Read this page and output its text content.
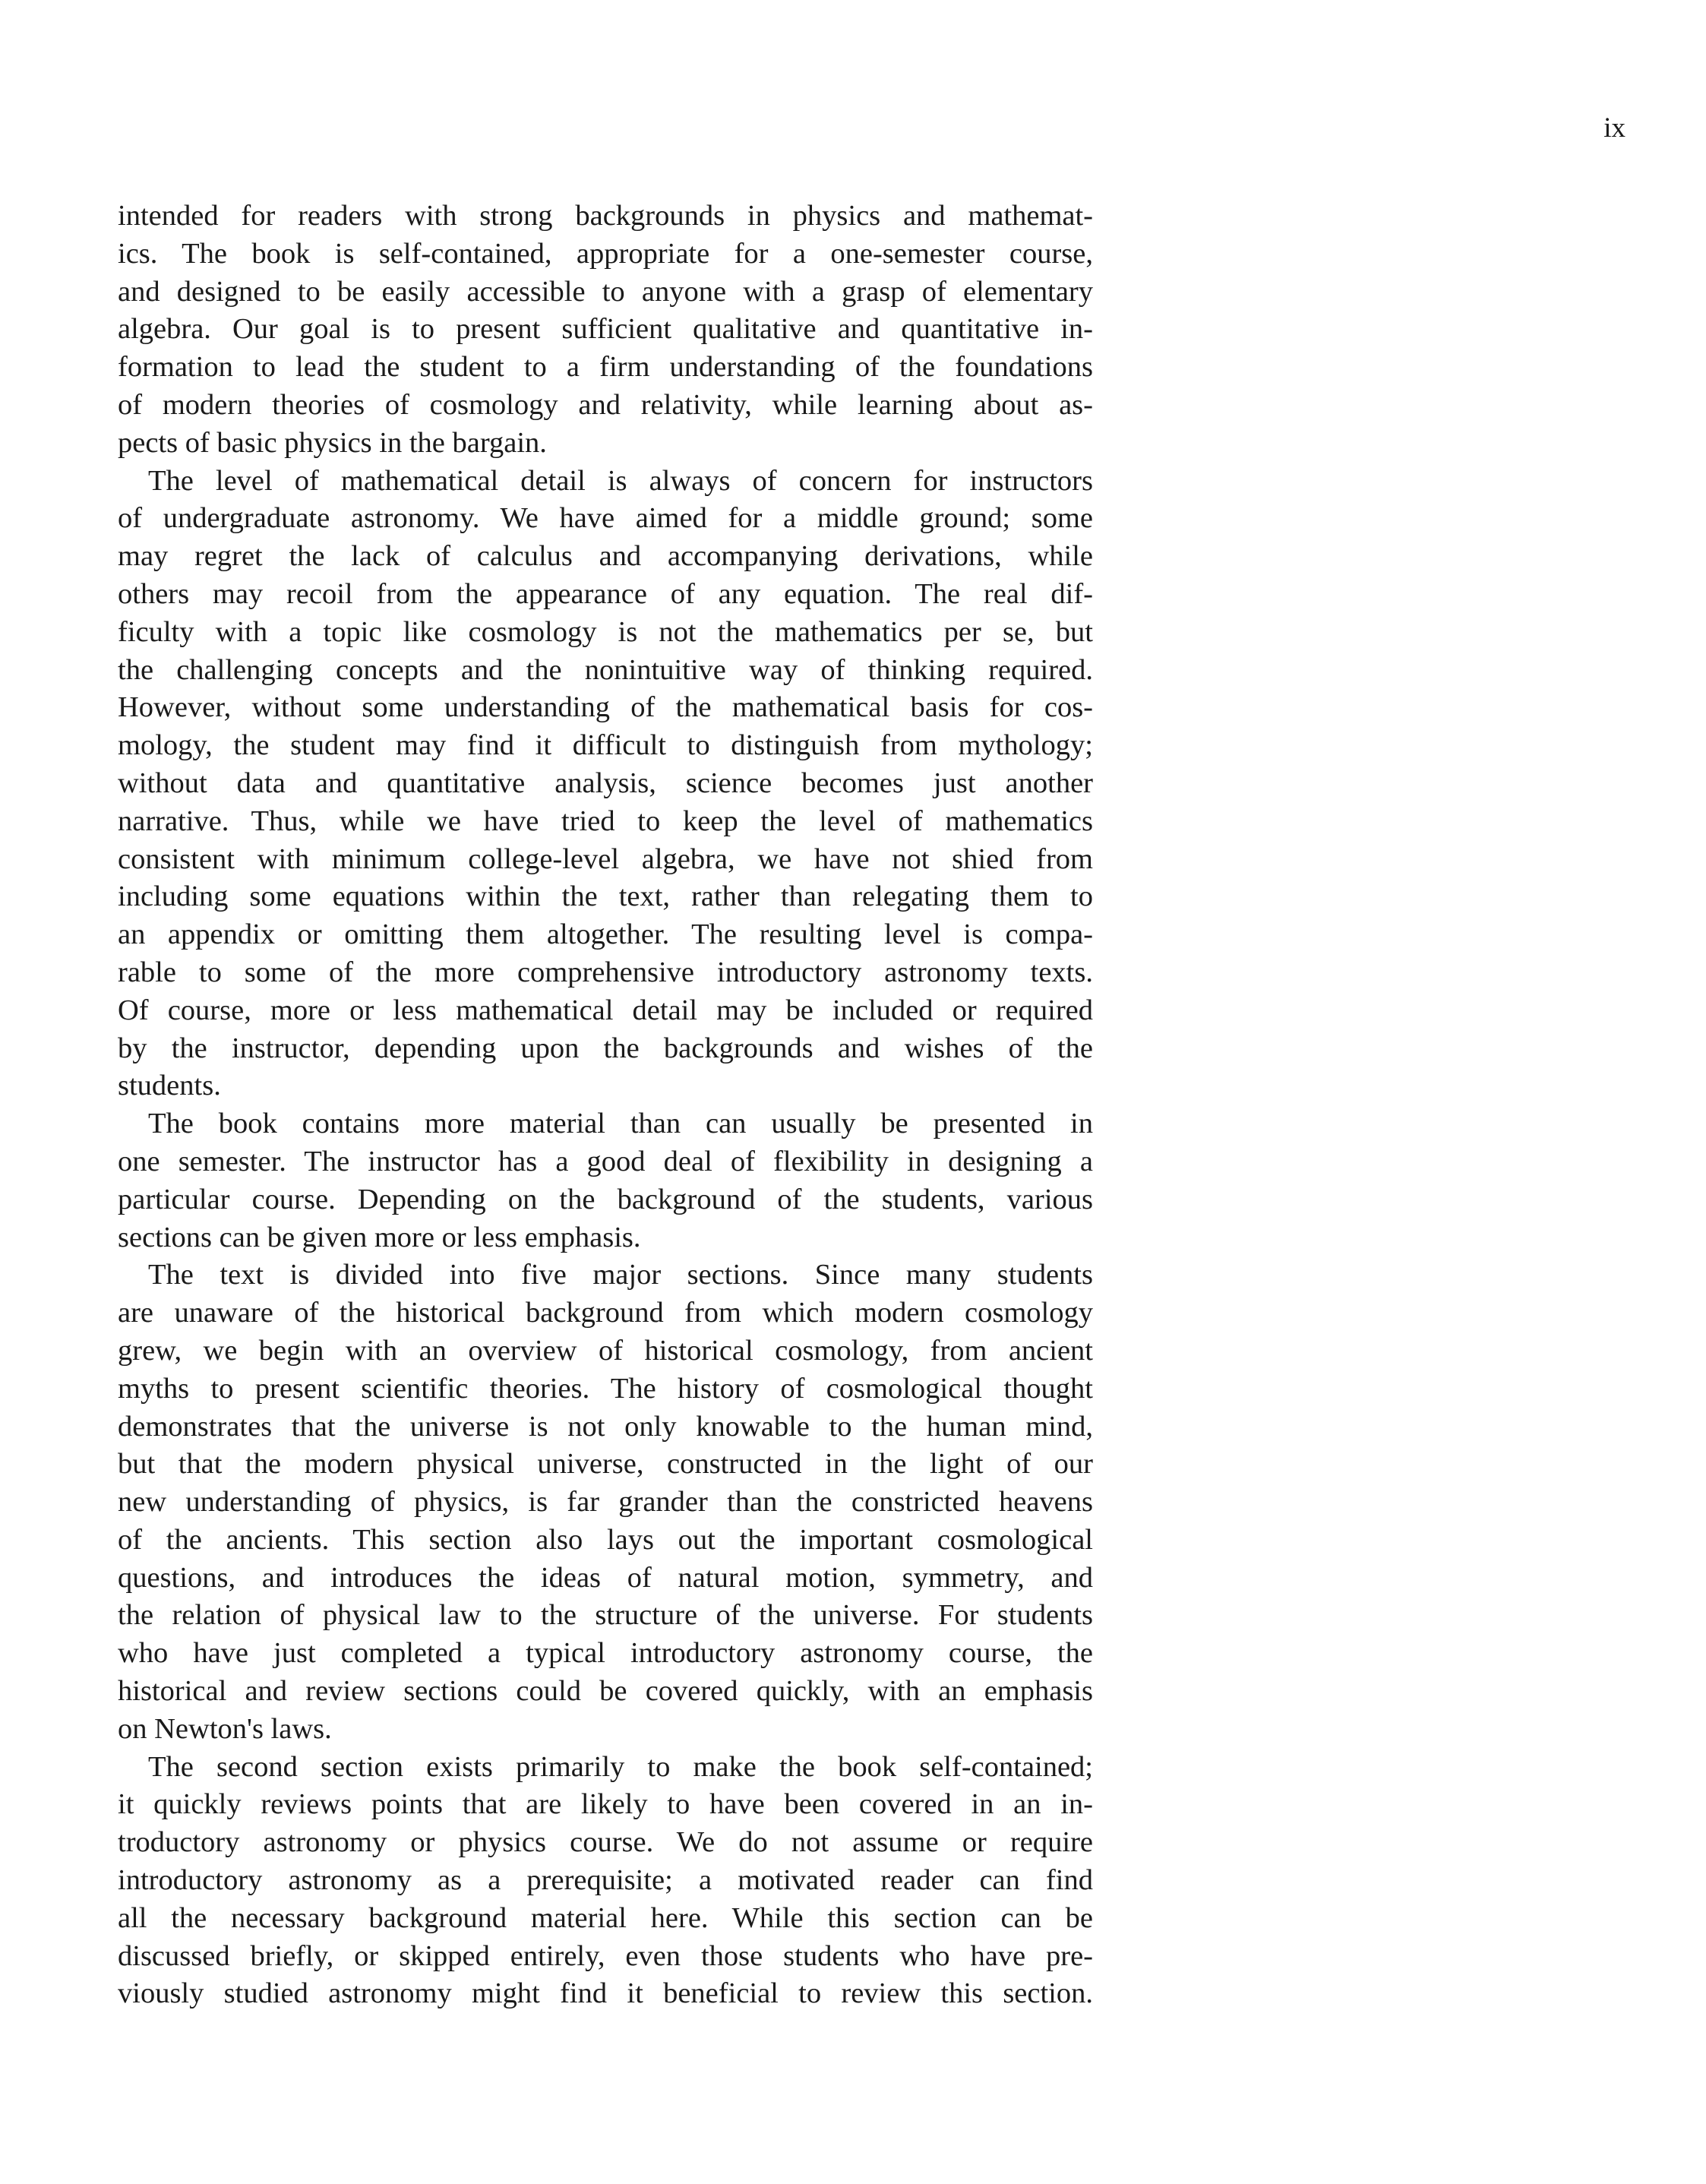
ix

intended for readers with strong backgrounds in physics and mathemat-
ics. The book is self-contained, appropriate for a one-semester course,
and designed to be easily accessible to anyone with a grasp of elementary
algebra. Our goal is to present sufficient qualitative and quantitative in-
formation to lead the student to a firm understanding of the foundations
of modern theories of cosmology and relativity, while learning about as-
pects of basic physics in the bargain.

The level of mathematical detail is always of concern for instructors
of undergraduate astronomy. We have aimed for a middle ground; some
may regret the lack of calculus and accompanying derivations, while
others may recoil from the appearance of any equation. The real dif-
ficulty with a topic like cosmology is not the mathematics per se, but
the challenging concepts and the nonintuitive way of thinking required.
However, without some understanding of the mathematical basis for cos-
mology, the student may find it difficult to distinguish from mythology;
without data and quantitative analysis, science becomes just another
narrative. Thus, while we have tried to keep the level of mathematics
consistent with minimum college-level algebra, we have not shied from
including some equations within the text, rather than relegating them to
an appendix or omitting them altogether. The resulting level is compa-
rable to some of the more comprehensive introductory astronomy texts.
Of course, more or less mathematical detail may be included or required
by the instructor, depending upon the backgrounds and wishes of the
students.

The book contains more material than can usually be presented in
one semester. The instructor has a good deal of flexibility in designing a
particular course. Depending on the background of the students, various
sections can be given more or less emphasis.

The text is divided into five major sections. Since many students
are unaware of the historical background from which modern cosmology
grew, we begin with an overview of historical cosmology, from ancient
myths to present scientific theories. The history of cosmological thought
demonstrates that the universe is not only knowable to the human mind,
but that the modern physical universe, constructed in the light of our
new understanding of physics, is far grander than the constricted heavens
of the ancients. This section also lays out the important cosmological
questions, and introduces the ideas of natural motion, symmetry, and
the relation of physical law to the structure of the universe. For students
who have just completed a typical introductory astronomy course, the
historical and review sections could be covered quickly, with an emphasis
on Newton's laws.

The second section exists primarily to make the book self-contained;
it quickly reviews points that are likely to have been covered in an in-
troductory astronomy or physics course. We do not assume or require
introductory astronomy as a prerequisite; a motivated reader can find
all the necessary background material here. While this section can be
discussed briefly, or skipped entirely, even those students who have pre-
viously studied astronomy might find it beneficial to review this section.
